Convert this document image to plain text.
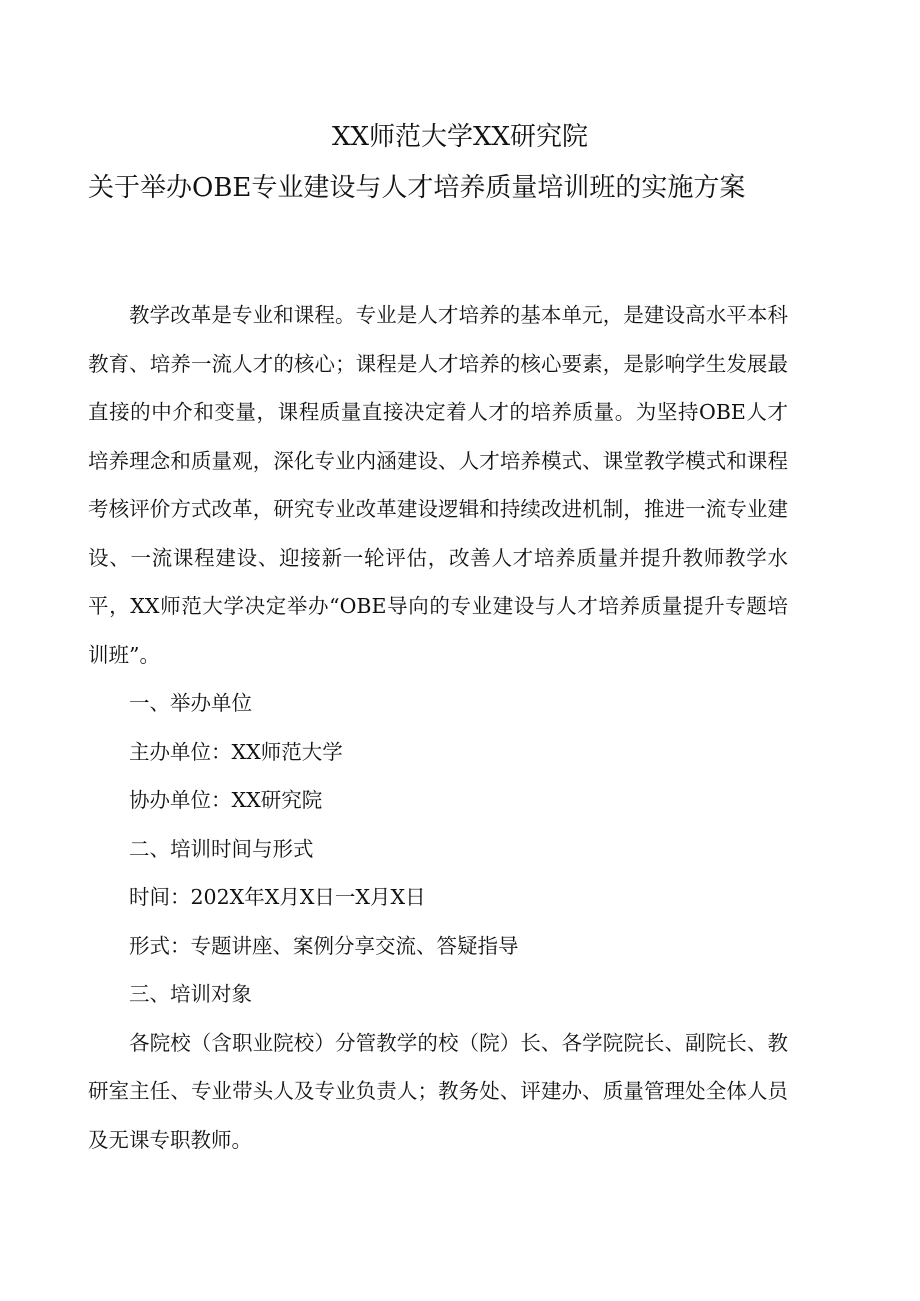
XX师范大学XX研究院
关于举办OBE专业建设与人才培养质量培训班的实施方案

教学改革是专业和课程。专业是人才培养的基本单元，是建设高水平本科教育、培养一流人才的核心；课程是人才培养的核心要素，是影响学生发展最直接的中介和变量，课程质量直接决定着人才的培养质量。为坚持OBE人才培养理念和质量观，深化专业内涵建设、人才培养模式、课堂教学模式和课程考核评价方式改革，研究专业改革建设逻辑和持续改进机制，推进一流专业建设、一流课程建设、迎接新一轮评估，改善人才培养质量并提升教师教学水平，XX师范大学决定举办“OBE导向的专业建设与人才培养质量提升专题培训班”。

一、举办单位

主办单位：XX师范大学

协办单位：XX研究院

二、培训时间与形式

时间：202X年X月X日一X月X日

形式：专题讲座、案例分享交流、答疑指导

三、培训对象

各院校（含职业院校）分管教学的校（院）长、各学院院长、副院长、教研室主任、专业带头人及专业负责人；教务处、评建办、质量管理处全体人员及无课专职教师。
